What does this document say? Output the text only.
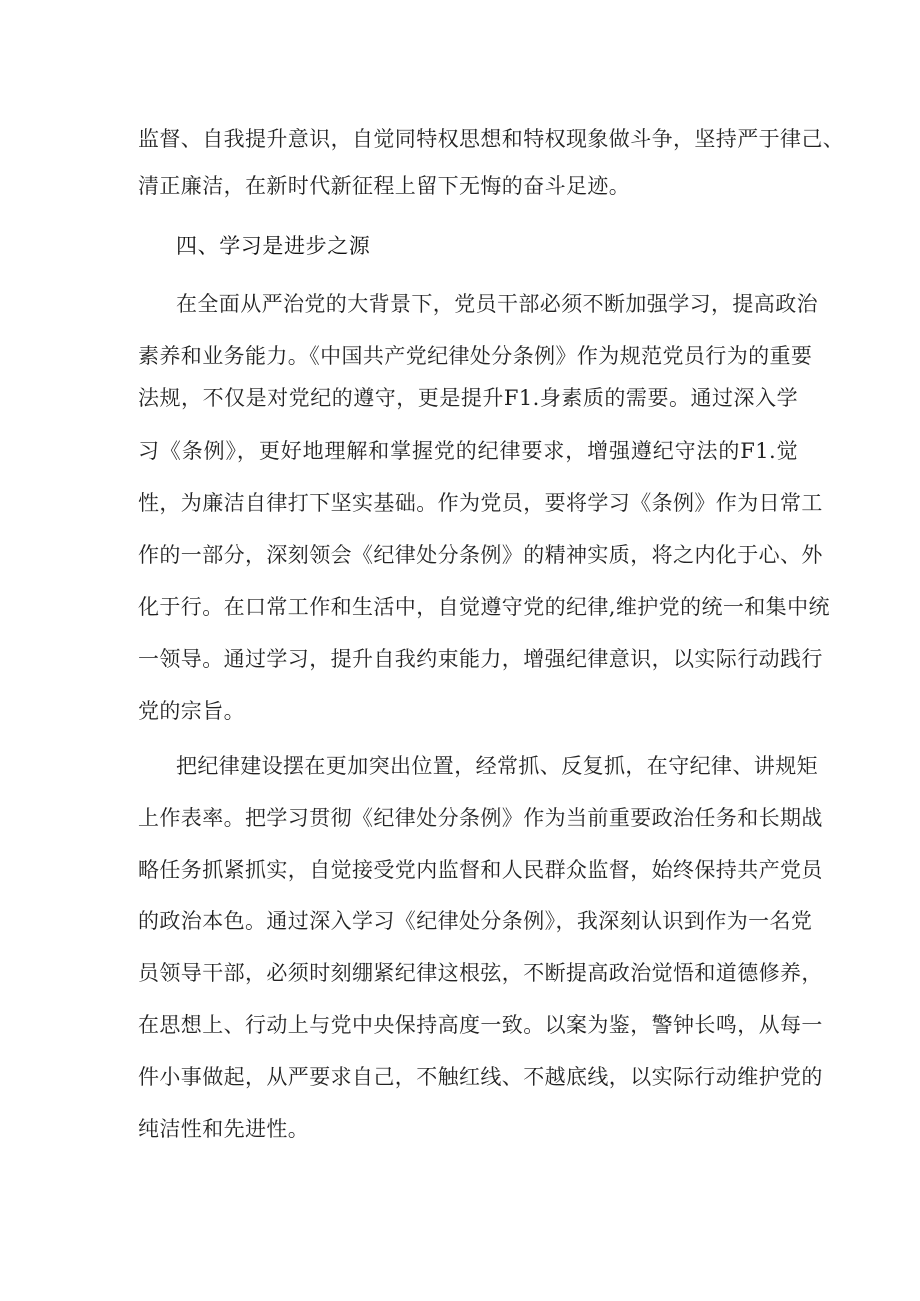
监督、自我提升意识，自觉同特权思想和特权现象做斗争，坚持严于律己、
清正廉洁，在新时代新征程上留下无悔的奋斗足迹。
四、学习是进步之源
在全面从严治党的大背景下，党员干部必须不断加强学习，提高政治
素养和业务能力。《中国共产党纪律处分条例》作为规范党员行为的重要
法规，不仅是对党纪的遵守，更是提升F1.身素质的需要。通过深入学
习《条例》，更好地理解和掌握党的纪律要求，增强遵纪守法的F1.觉
性，为廉洁自律打下坚实基础。作为党员，要将学习《条例》作为日常工
作的一部分，深刻领会《纪律处分条例》的精神实质，将之内化于心、外
化于行。在口常工作和生活中，自觉遵守党的纪律,维护党的统一和集中统
一领导。通过学习，提升自我约束能力，增强纪律意识，以实际行动践行
党的宗旨。
把纪律建设摆在更加突出位置，经常抓、反复抓，在守纪律、讲规矩
上作表率。把学习贯彻《纪律处分条例》作为当前重要政治任务和长期战
略任务抓紧抓实，自觉接受党内监督和人民群众监督，始终保持共产党员
的政治本色。通过深入学习《纪律处分条例》，我深刻认识到作为一名党
员领导干部，必须时刻绷紧纪律这根弦，不断提高政治觉悟和道德修养，
在思想上、行动上与党中央保持高度一致。以案为鉴，警钟长鸣，从每一
件小事做起，从严要求自己，不触红线、不越底线，以实际行动维护党的
纯洁性和先进性。
